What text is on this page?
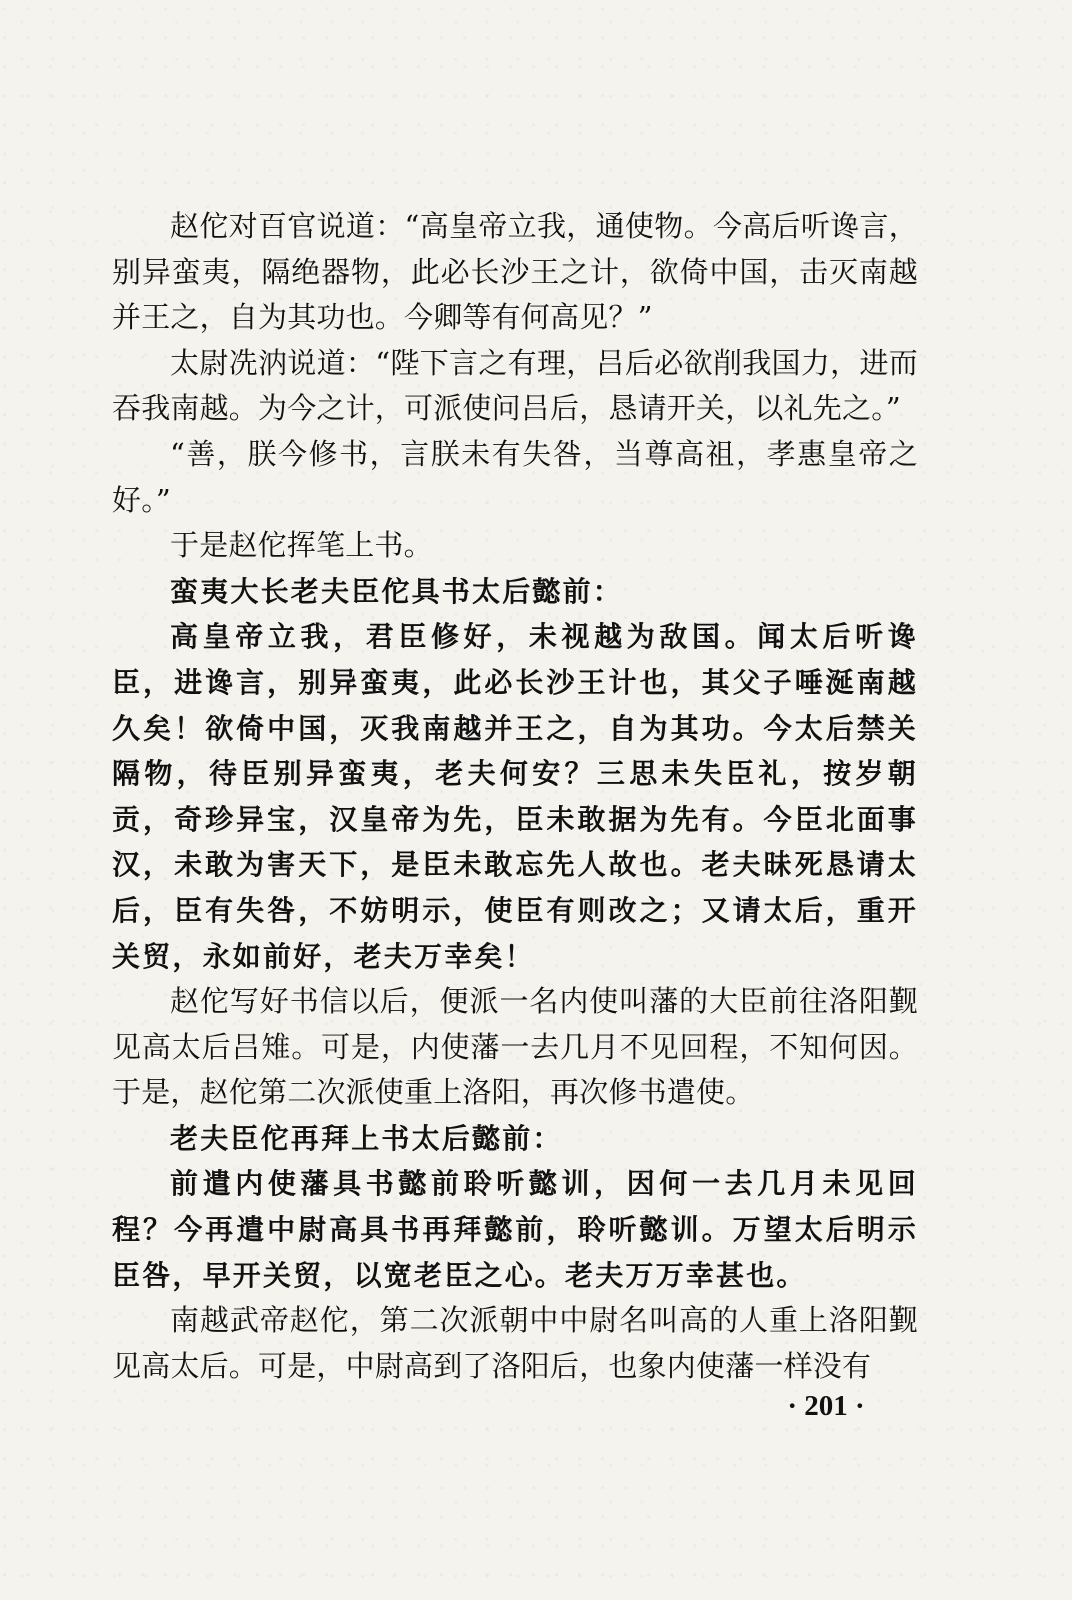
赵佗对百官说道：“高皇帝立我，通使物。今高后听谗言，别异蛮夷，隔绝器物，此必长沙王之计，欲倚中国，击灭南越并王之，自为其功也。今卿等有何高见？”

太尉冼汭说道：“陛下言之有理，吕后必欲削我国力，进而吞我南越。为今之计，可派使问吕后，恳请开关，以礼先之。”

“善，朕今修书，言朕未有失咎，当尊高祖，孝惠皇帝之好。”

于是赵佗挥笔上书。

蛮夷大长老夫臣佗具书太后懿前：

高皇帝立我，君臣修好，未视越为敌国。闻太后听谗臣，进谗言，别异蛮夷，此必长沙王计也，其父子唾涎南越久矣！欲倚中国，灭我南越并王之，自为其功。今太后禁关隔物，待臣别异蛮夷，老夫何安？三思未失臣礼，按岁朝贡，奇珍异宝，汉皇帝为先，臣未敢据为先有。今臣北面事汉，未敢为害天下，是臣未敢忘先人故也。老夫昧死恳请太后，臣有失咎，不妨明示，使臣有则改之；又请太后，重开关贸，永如前好，老夫万幸矣！

赵佗写好书信以后，便派一名内使叫藩的大臣前往洛阳觐见高太后吕雉。可是，内使藩一去几月不见回程，不知何因。于是，赵佗第二次派使重上洛阳，再次修书遣使。

老夫臣佗再拜上书太后懿前：

前遣内使藩具书懿前聆听懿训，因何一去几月未见回程？今再遣中尉高具书再拜懿前，聆听懿训。万望太后明示臣咎，早开关贸，以宽老臣之心。老夫万万幸甚也。

南越武帝赵佗，第二次派朝中中尉名叫高的人重上洛阳觐见高太后。可是，中尉高到了洛阳后，也象内使藩一样没有

· 201 ·
